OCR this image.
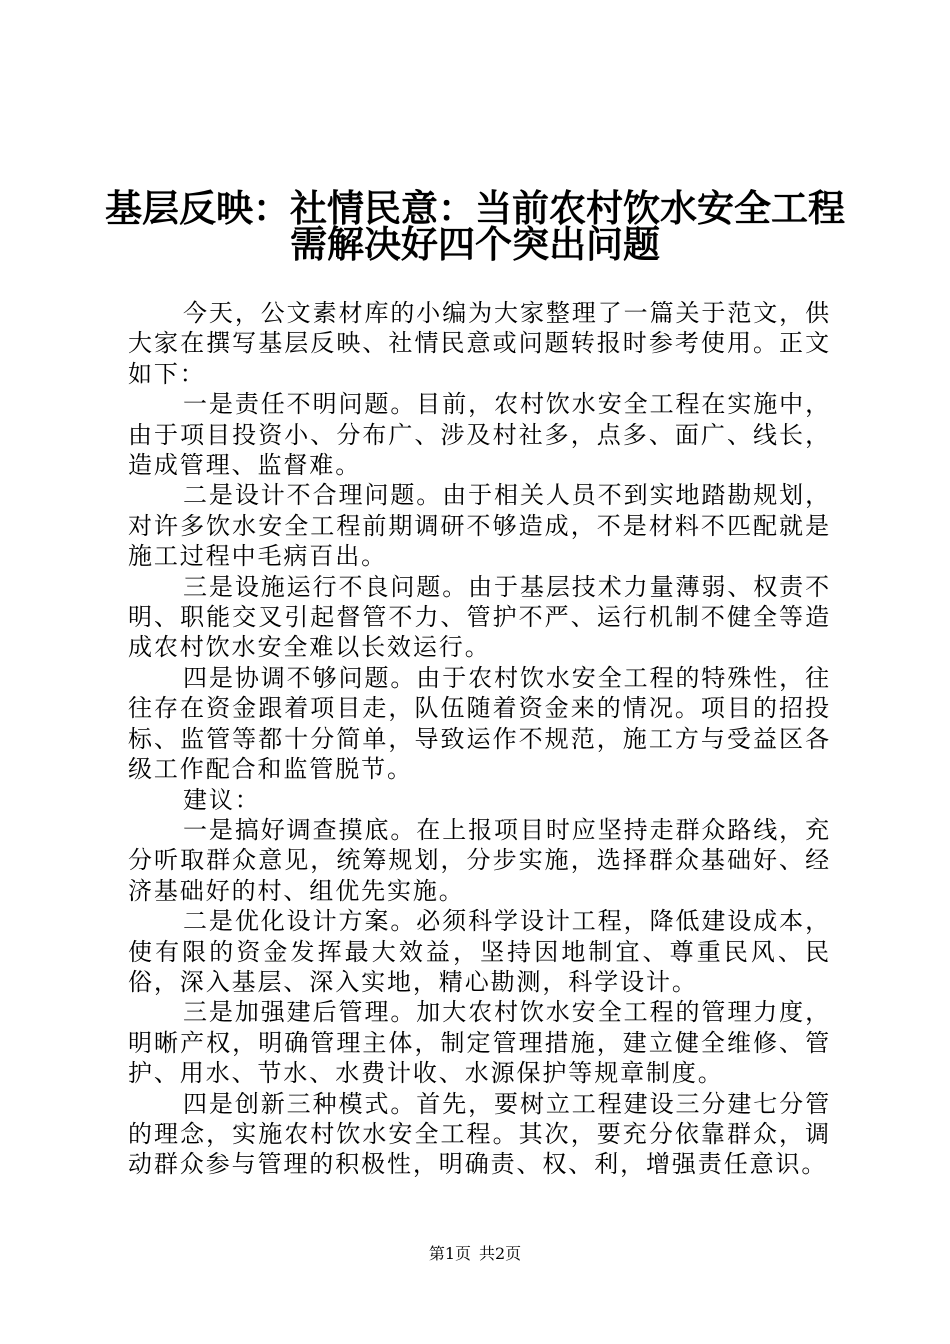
基层反映：社情民意：当前农村饮水安全工程
需解决好四个突出问题

今天，公文素材库的小编为大家整理了一篇关于范文，供大家在撰写基层反映、社情民意或问题转报时参考使用。正文如下：

一是责任不明问题。目前，农村饮水安全工程在实施中，由于项目投资小、分布广、涉及村社多，点多、面广、线长，造成管理、监督难。

二是设计不合理问题。由于相关人员不到实地踏勘规划，对许多饮水安全工程前期调研不够造成，不是材料不匹配就是施工过程中毛病百出。

三是设施运行不良问题。由于基层技术力量薄弱、权责不明、职能交叉引起督管不力、管护不严、运行机制不健全等造成农村饮水安全难以长效运行。

四是协调不够问题。由于农村饮水安全工程的特殊性，往往存在资金跟着项目走，队伍随着资金来的情况。项目的招投标、监管等都十分简单，导致运作不规范，施工方与受益区各级工作配合和监管脱节。

建议：

一是搞好调查摸底。在上报项目时应坚持走群众路线，充分听取群众意见，统筹规划，分步实施，选择群众基础好、经济基础好的村、组优先实施。

二是优化设计方案。必须科学设计工程，降低建设成本，使有限的资金发挥最大效益，坚持因地制宜、尊重民风、民俗，深入基层、深入实地，精心勘测，科学设计。

三是加强建后管理。加大农村饮水安全工程的管理力度，明晰产权，明确管理主体，制定管理措施，建立健全维修、管护、用水、节水、水费计收、水源保护等规章制度。

四是创新三种模式。首先，要树立工程建设三分建七分管的理念，实施农村饮水安全工程。其次，要充分依靠群众，调动群众参与管理的积极性，明确责、权、利，增强责任意识。

第1页 共2页
